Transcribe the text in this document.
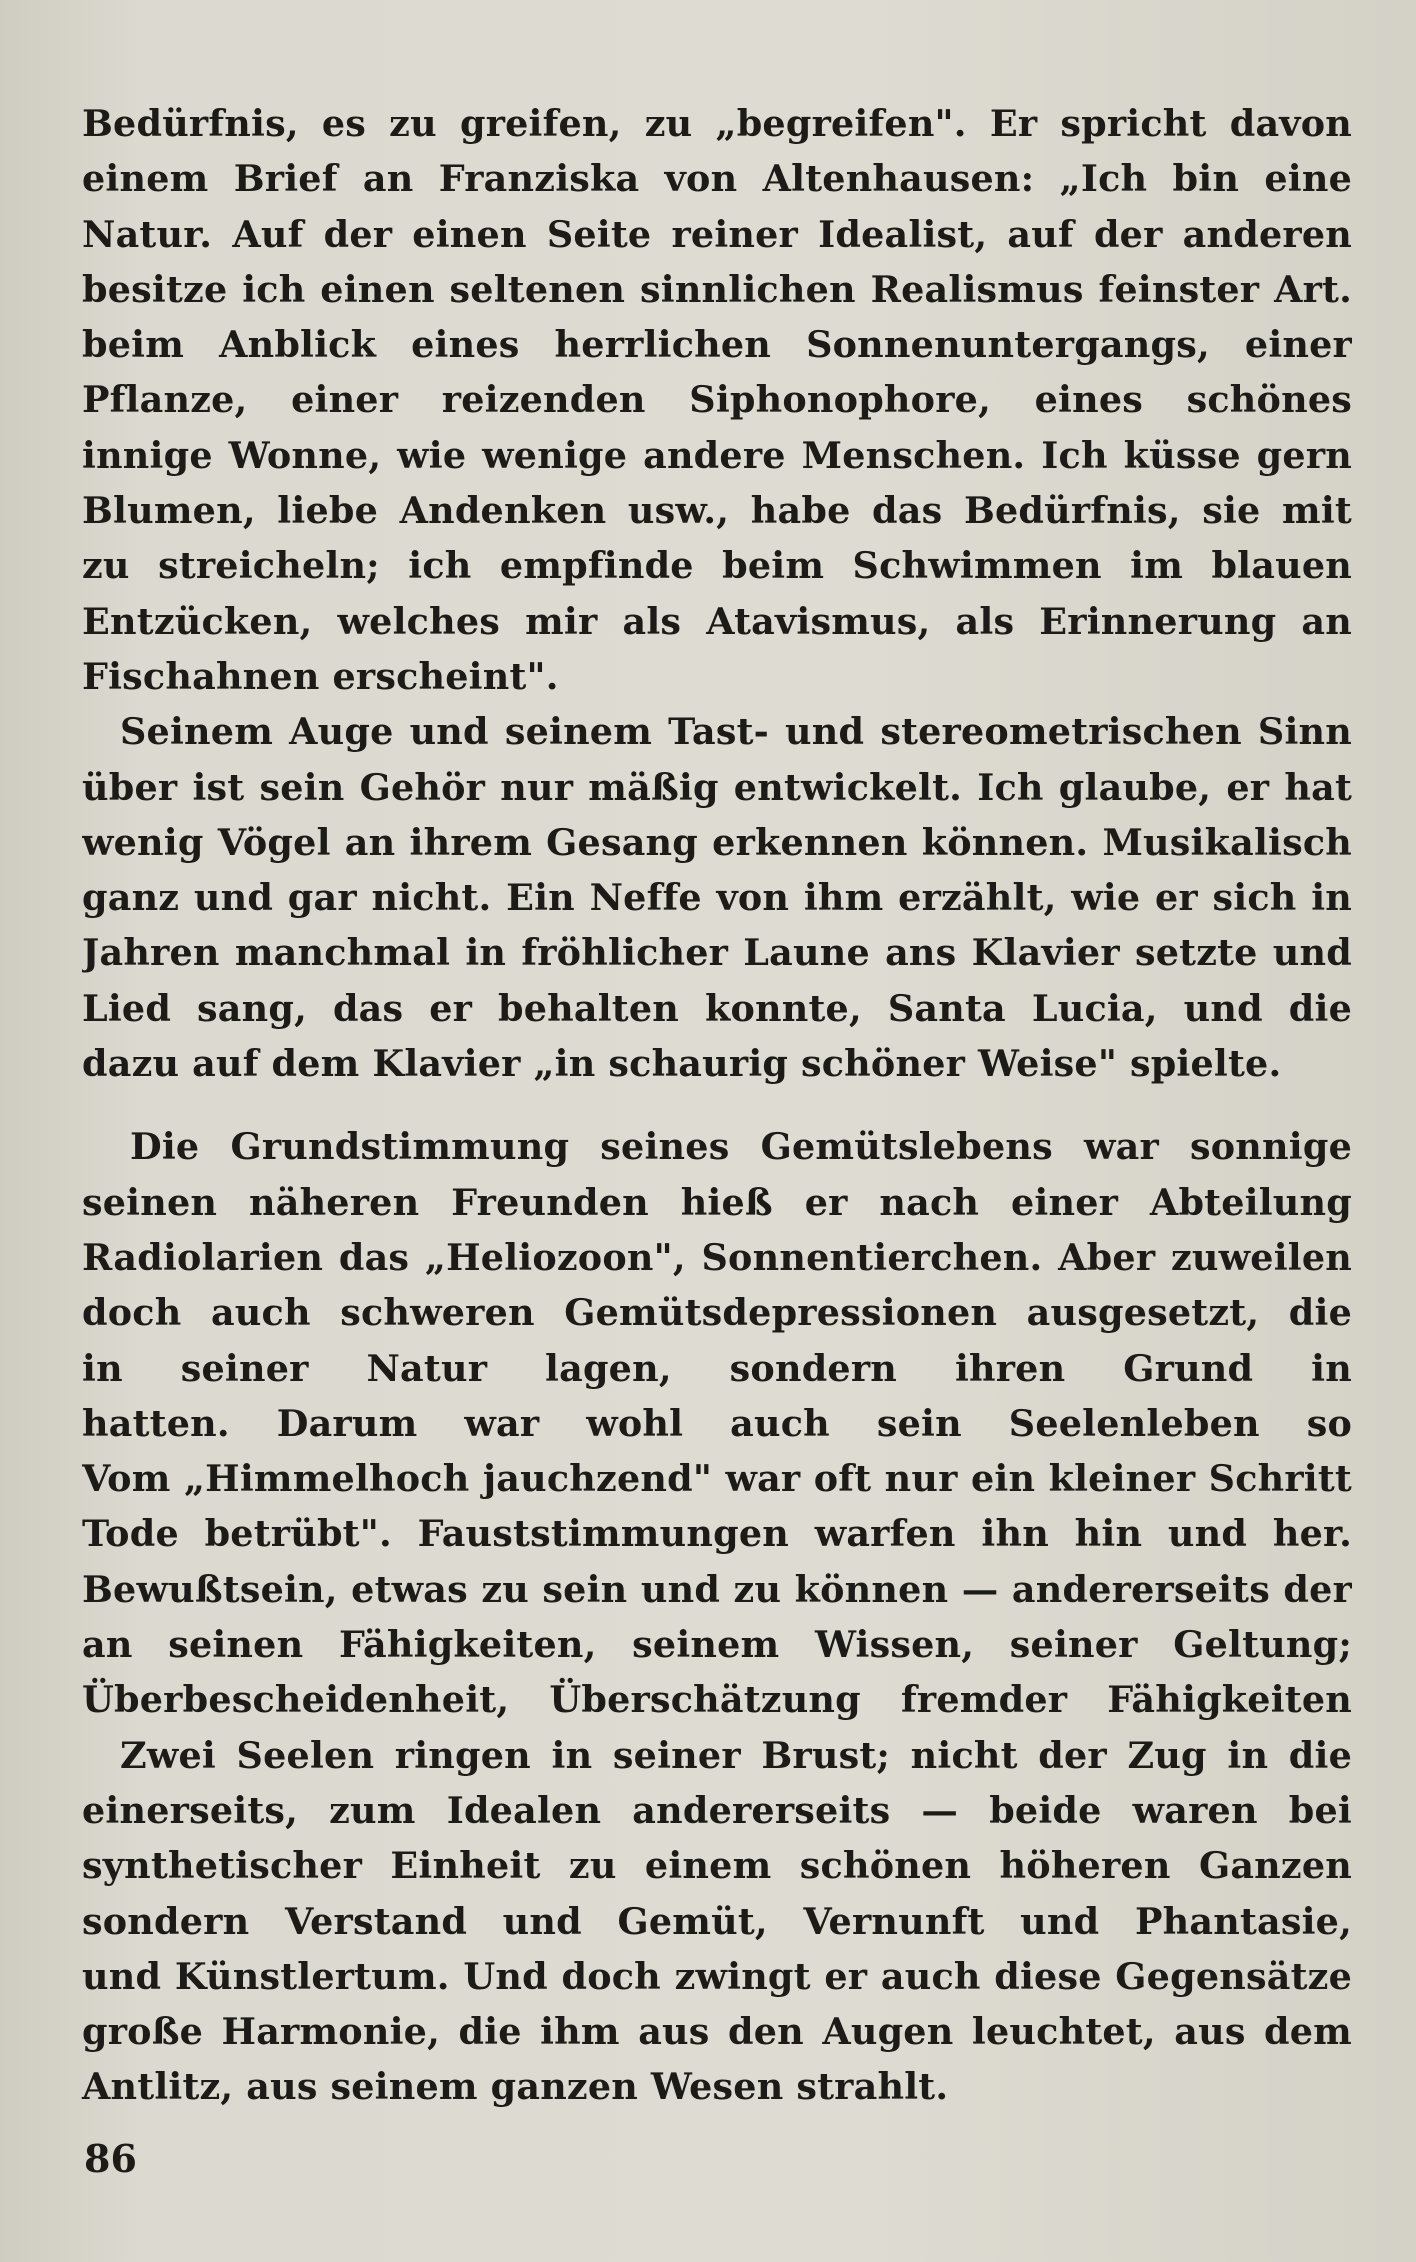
Bedürfnis, es zu greifen, zu „begreifen". Er spricht davon
einem Brief an Franziska von Altenhausen: „Ich bin eine
Natur. Auf der einen Seite reiner Idealist, auf der anderen
besitze ich einen seltenen sinnlichen Realismus feinster Art.
beim Anblick eines herrlichen Sonnenuntergangs, einer
Pflanze, einer reizenden Siphonophore, eines schönes
innige Wonne, wie wenige andere Menschen. Ich küsse gern
Blumen, liebe Andenken usw., habe das Bedürfnis, sie mit
zu streicheln; ich empfinde beim Schwimmen im blauen
Entzücken, welches mir als Atavismus, als Erinnerung an
Fischahnen erscheint".
Seinem Auge und seinem Tast- und stereometrischen Sinn
über ist sein Gehör nur mäßig entwickelt. Ich glaube, er hat
wenig Vögel an ihrem Gesang erkennen können. Musikalisch
ganz und gar nicht. Ein Neffe von ihm erzählt, wie er sich in
Jahren manchmal in fröhlicher Laune ans Klavier setzte und
Lied sang, das er behalten konnte, Santa Lucia, und die
dazu auf dem Klavier „in schaurig schöner Weise" spielte.
Die Grundstimmung seines Gemütslebens war sonnige
seinen näheren Freunden hieß er nach einer Abteilung
Radiolarien das „Heliozoon", Sonnentierchen. Aber zuweilen
doch auch schweren Gemütsdepressionen ausgesetzt, die
in seiner Natur lagen, sondern ihren Grund in
hatten. Darum war wohl auch sein Seelenleben so
Vom „Himmelhoch jauchzend" war oft nur ein kleiner Schritt
Tode betrübt". Fauststimmungen warfen ihn hin und her.
Bewußtsein, etwas zu sein und zu können — andererseits der
an seinen Fähigkeiten, seinem Wissen, seiner Geltung;
Überbescheidenheit, Überschätzung fremder Fähigkeiten
Zwei Seelen ringen in seiner Brust; nicht der Zug in die
einerseits, zum Idealen andererseits — beide waren bei
synthetischer Einheit zu einem schönen höheren Ganzen
sondern Verstand und Gemüt, Vernunft und Phantasie,
und Künstlertum. Und doch zwingt er auch diese Gegensätze
große Harmonie, die ihm aus den Augen leuchtet, aus dem
Antlitz, aus seinem ganzen Wesen strahlt.
86
